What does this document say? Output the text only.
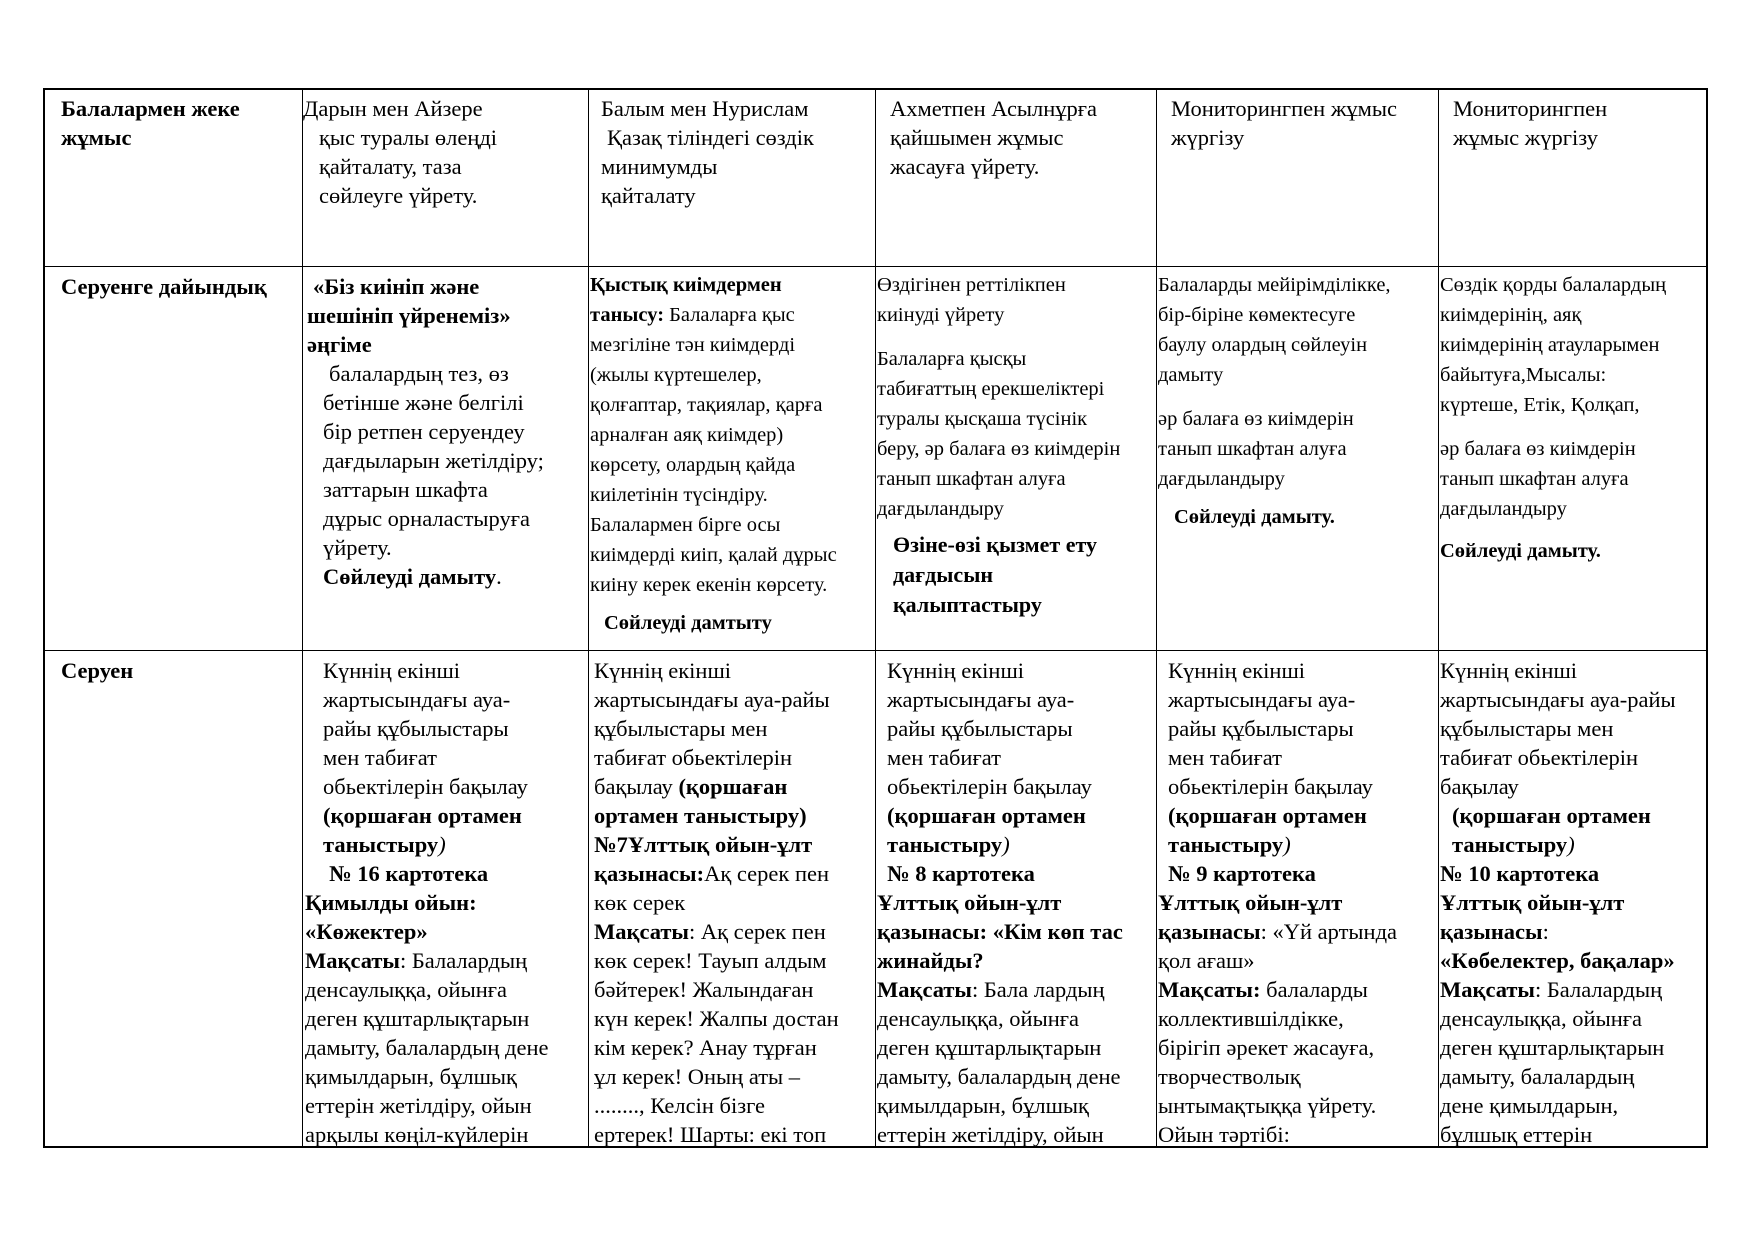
Балалармен жеке жұмыс

Дарын мен Айзере

қыс туралы өлеңді

қайталату, таза

сөйлеуге үйрету.

Балым мен Нурислам

Қазақ тіліндегі сөздік

минимумды

қайталату

Ахметпен Асылнұрға

қайшымен жұмыс

жасауға үйрету.

Мониторингпен жұмыс

жүргізу

Мониторингпен

жұмыс жүргізу

Серуенге дайындық	«Біз киініп және

шешініп үйренеміз»

әңгіме

балалардың тез, өз

бетінше және белгілі

бір ретпен серуендеу

дағдыларын жетілдіру;

заттарын шкафта

дұрыс орналастыруға

үйрету.

Сөйлеуді дамыту.

Қыстық киімдермен

танысу: Балаларға қыс

мезгіліне тән киімдерді

(жылы күртешелер,

қолғаптар, тақиялар, қарға

арналған аяқ киімдер)

көрсету, олардың қайда

киілетінін түсіндіру.

Балалармен бірге осы

киімдерді киіп, қалай дұрыс

киіну керек екенін көрсету.

Сөйлеуді дамтыту

Өздігінен реттілікпен

киінуді үйрету

Балаларға қысқы

табиғаттың ерекшеліктері

туралы қысқаша түсінік

беру, әр балаға өз киімдерін

танып шкафтан алуға

дағдыландыру

Өзіне-өзі қызмет ету

дағдысын

қалыптастыру

Балаларды мейірімділікке,

бір-біріне көмектесуге

баулу олардың сөйлеуін

дамыту

әр балаға өз киімдерін

танып шкафтан алуға

дағдыландыру

Сөйлеуді дамыту.

Сөздік қорды балалардың

киімдерінің, аяқ

киімдерінің атауларымен

байытуға,Мысалы:

күртеше, Етік, Қолқап,

әр балаға өз киімдерін

танып шкафтан алуға

дағдыландыру

Сөйлеуді дамыту.

Серуен	Күннің екінші

жартысындағы ауа-

райы құбылыстары

мен табиғат

обьектілерін бақылау

(қоршаған ортамен

таныстыру)

№ 16 картотека

Қимылды ойын:

«Көжектер»

Мақсаты: Балалардың

денсаулыққа, ойынға

деген құштарлықтарын

дамыту, балалардың дене

қимылдарын, бұлшық

еттерін жетілдіру, ойын

арқылы көңіл-күйлерін

Күннің екінші

жартысындағы ауа-райы

құбылыстары мен

табиғат обьектілерін

бақылау (қоршаған

ортамен таныстыру)

№7Ұлттық ойын-ұлт

қазынасы:Ақ серек пен

көк серек

Мақсаты: Ақ серек пен

көк серек! Тауып алдым

бәйтерек! Жалындаған

күн керек! Жалпы достан

кім керек? Анау тұрған

ұл керек! Оның аты –

........, Келсін бізге

ертерек! Шарты: екі топ

Күннің екінші

жартысындағы ауа-

райы құбылыстары

мен табиғат

обьектілерін бақылау

(қоршаған ортамен

таныстыру)

№ 8 картотека

Ұлттық ойын-ұлт

қазынасы: «Кім көп тас

жинайды?

Мақсаты: Бала лардың

денсаулыққа, ойынға

деген құштарлықтарын

дамыту, балалардың дене

қимылдарын, бұлшық

еттерін жетілдіру, ойын

Күннің екінші

жартысындағы ауа-

райы құбылыстары

мен табиғат

обьектілерін бақылау

(қоршаған ортамен

таныстыру)

№ 9 картотека

Ұлттық ойын-ұлт

қазынасы: «Үй артында

қол ағаш»

Мақсаты: балаларды

коллектившілдікке,

бірігіп әрекет жасауға,

творчестволық

ынтымақтыққа үйрету.

Ойын тәртібі:

Күннің екінші

жартысындағы ауа-райы

құбылыстары мен

табиғат обьектілерін

бақылау

(қоршаған ортамен

таныстыру)

№ 10 картотека

Ұлттық ойын-ұлт

қазынасы:

«Көбелектер, бақалар»

Мақсаты: Балалардың

денсаулыққа, ойынға

деген құштарлықтарын

дамыту, балалардың

дене қимылдарын,

бұлшық еттерін
